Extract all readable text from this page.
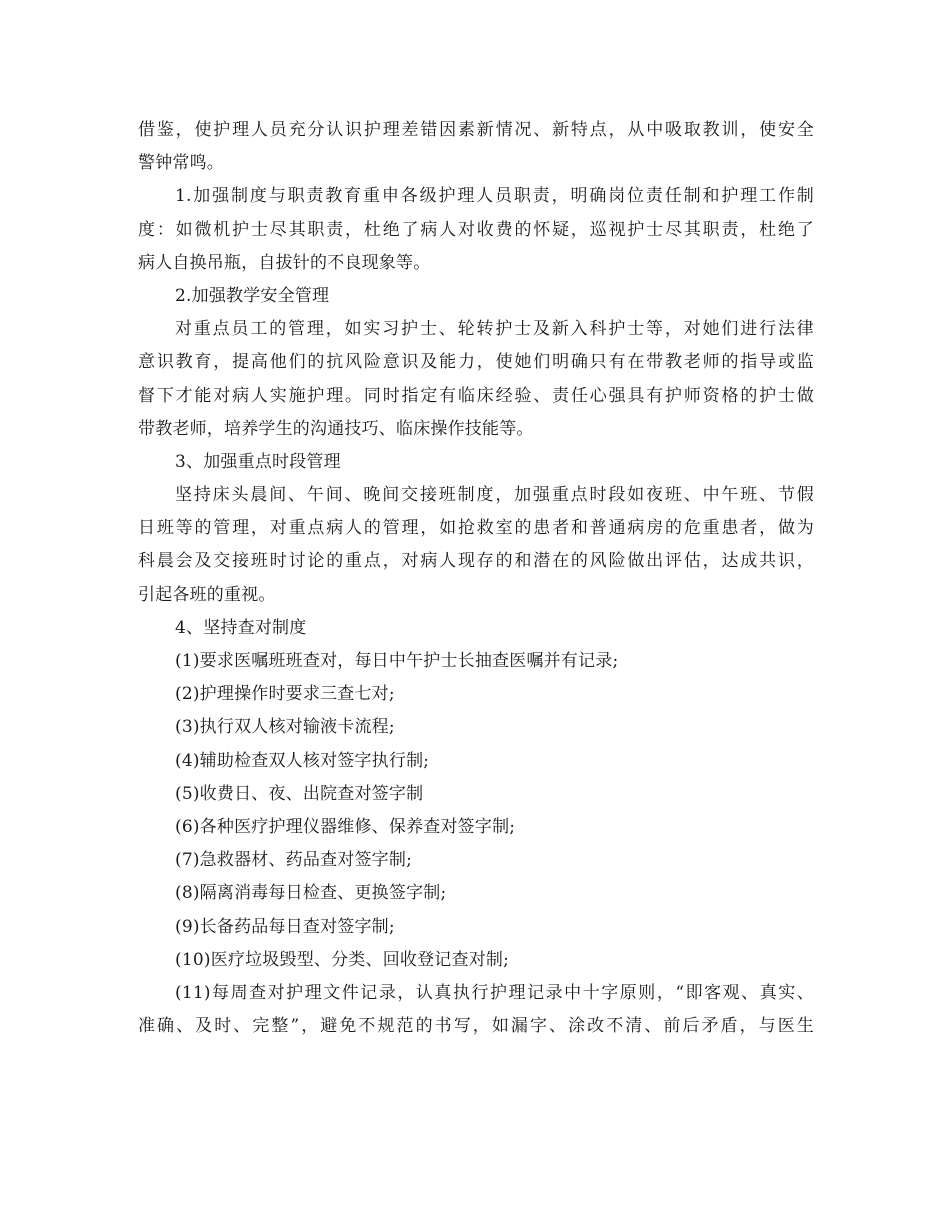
借鉴，使护理人员充分认识护理差错因素新情况、新特点，从中吸取教训，使安全
警钟常鸣。
1.加强制度与职责教育重申各级护理人员职责，明确岗位责任制和护理工作制
度：如微机护士尽其职责，杜绝了病人对收费的怀疑，巡视护士尽其职责，杜绝了
病人自换吊瓶，自拔针的不良现象等。
2.加强教学安全管理
对重点员工的管理，如实习护士、轮转护士及新入科护士等，对她们进行法律
意识教育，提高他们的抗风险意识及能力，使她们明确只有在带教老师的指导或监
督下才能对病人实施护理。同时指定有临床经验、责任心强具有护师资格的护士做
带教老师，培养学生的沟通技巧、临床操作技能等。
3、加强重点时段管理
坚持床头晨间、午间、晚间交接班制度，加强重点时段如夜班、中午班、节假
日班等的管理，对重点病人的管理，如抢救室的患者和普通病房的危重患者，做为
科晨会及交接班时讨论的重点，对病人现存的和潜在的风险做出评估，达成共识，
引起各班的重视。
4、坚持查对制度
(1)要求医嘱班班查对，每日中午护士长抽查医嘱并有记录;
(2)护理操作时要求三查七对;
(3)执行双人核对输液卡流程;
(4)辅助检查双人核对签字执行制;
(5)收费日、夜、出院查对签字制
(6)各种医疗护理仪器维修、保养查对签字制;
(7)急救器材、药品查对签字制;
(8)隔离消毒每日检查、更换签字制;
(9)长备药品每日查对签字制;
(10)医疗垃圾毁型、分类、回收登记查对制;
(11)每周查对护理文件记录，认真执行护理记录中十字原则，“即客观、真实、
准确、及时、完整”，避免不规范的书写，如漏字、涂改不清、前后矛盾，与医生
